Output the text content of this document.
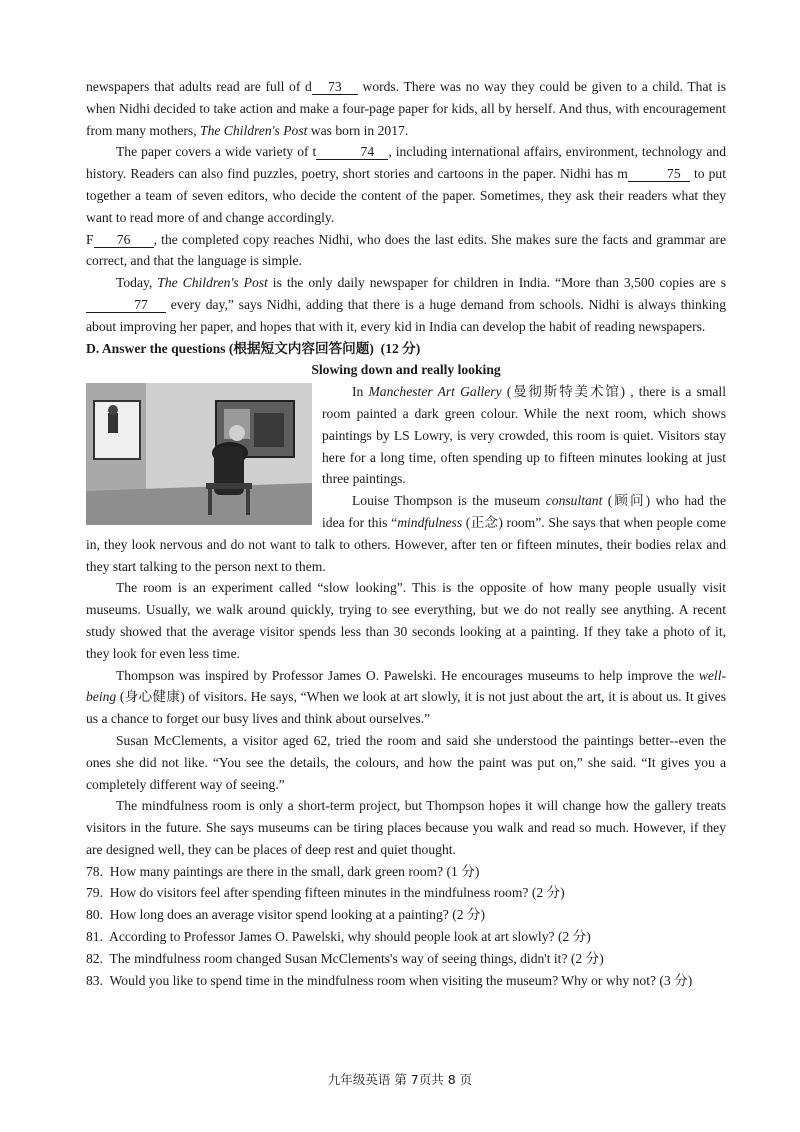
newspapers that adults read are full of d 73 words. There was no way they could be given to a child. That is when Nidhi decided to take action and make a four-page paper for kids, all by herself. And thus, with encouragement from many mothers, The Children's Post was born in 2017.

The paper covers a wide variety of t	74 , including international affairs, environment, technology and history. Readers can also find puzzles, poetry, short stories and cartoons in the paper. Nidhi has m	75 to put together a team of seven editors, who decide the content of the paper. Sometimes, they ask their readers what they want to read more of and change accordingly.

F 76 , the completed copy reaches Nidhi, who does the last edits. She makes sure the facts and grammar are correct, and that the language is simple.

Today, The Children's Post is the only daily newspaper for children in India. “More than 3,500 copies are s77 every day,” says Nidhi, adding that there is a huge demand from schools. Nidhi is always thinking about improving her paper, and hopes that with it, every kid in India can develop the habit of reading newspapers.

D. Answer the questions (根据短文内容回答问题)  (12 分)

Slowing down and really looking

In Manchester Art Gallery (曼彻斯特美术馆) , there is a small room painted a dark green colour. While the next room, which shows paintings by LS Lowry, is very crowded, this room is quiet. Visitors stay here for a long time, often spending up to fifteen minutes looking at just three paintings.

Louise Thompson is the museum consultant (顾问) who had the idea for this “mindfulness (正念) room”. She says that when people come in, they look nervous and do not want to talk to others. However, after ten or fifteen minutes, their bodies relax and they start talking to the person next to them.

The room is an experiment called “slow looking”. This is the opposite of how many people usually visit museums. Usually, we walk around quickly, trying to see everything, but we do not really see anything. A recent study showed that the average visitor spends less than 30 seconds looking at a painting. If they take a photo of it, they look for even less time.

Thompson was inspired by Professor James O. Pawelski. He encourages museums to help improve the well-being (身心健康) of visitors. He says, “When we look at art slowly, it is not just about the art, it is about us. It gives us a chance to forget our busy lives and think about ourselves.”

Susan McClements, a visitor aged 62, tried the room and said she understood the paintings better--even the ones she did not like. “You see the details, the colours, and how the paint was put on,” she said. “It gives you a completely different way of seeing.”

The mindfulness room is only a short-term project, but Thompson hopes it will change how the gallery treats visitors in the future. She says museums can be tiring places because you walk and read so much. However, if they are designed well, they can be places of deep rest and quiet thought.

78.  How many paintings are there in the small, dark green room? (1 分)

79.  How do visitors feel after spending fifteen minutes in the mindfulness room? (2 分)

80.  How long does an average visitor spend looking at a painting? (2 分)

81.  According to Professor James O. Pawelski, why should people look at art slowly? (2 分)

82.  The mindfulness room changed Susan McClements's way of seeing things, didn't it? (2 分)

83.  Would you like to spend time in the mindfulness room when visiting the museum? Why or why not? (3 分)

九年级英语 第 7页共 8 页
